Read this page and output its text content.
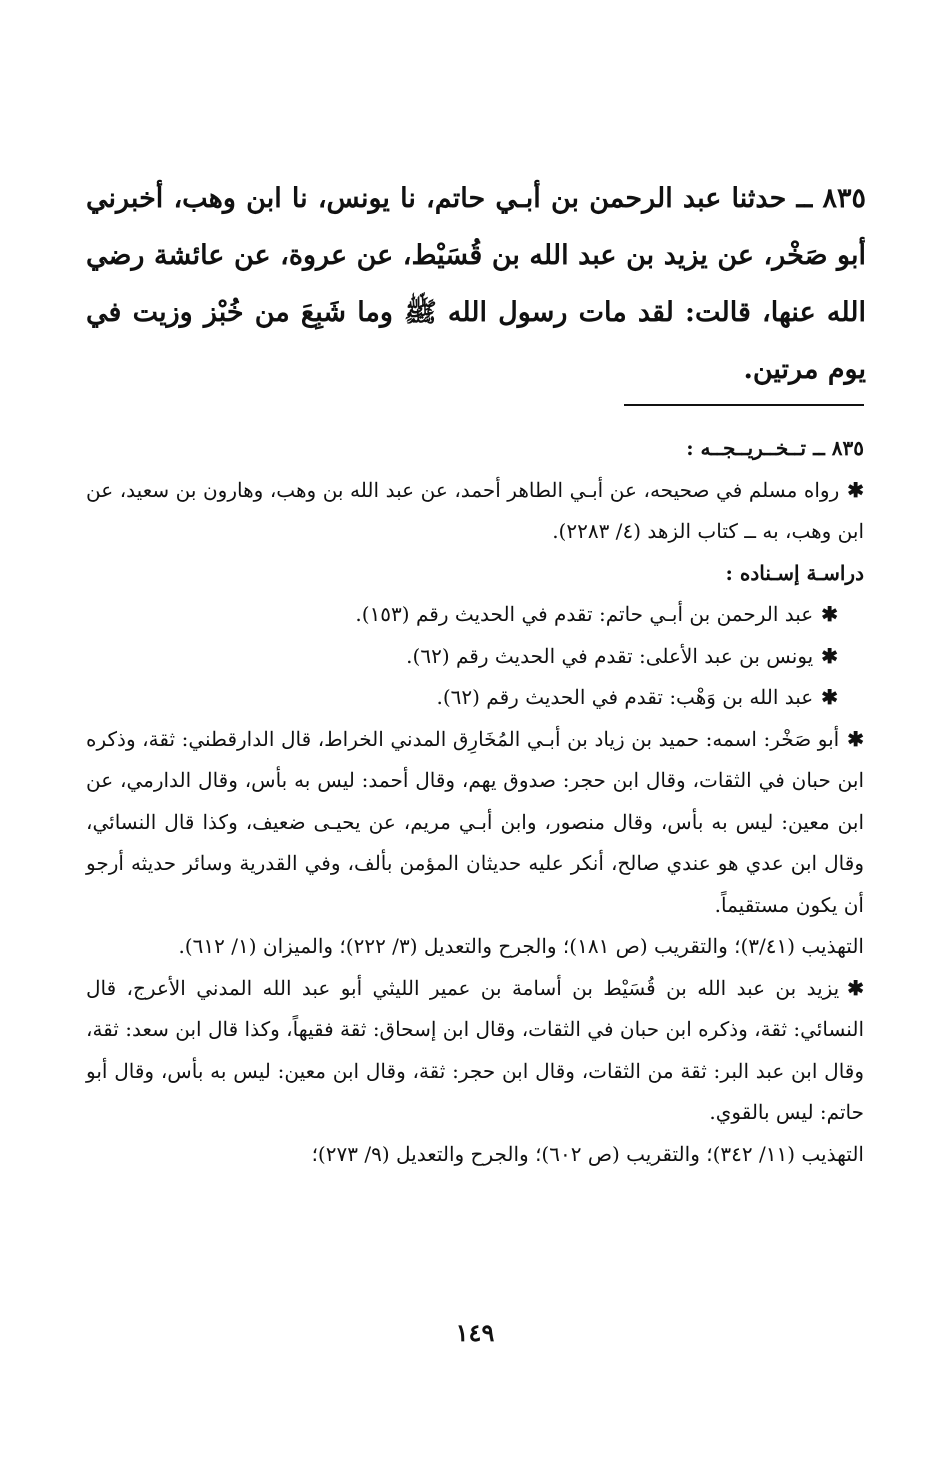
٨٣٥ ــ حدثنا عبد الرحمن بن أبـي حاتم، نا يونس، نا ابن وهب، أخبرني أبو صَخْر، عن يزيد بن عبد الله بن قُسَيْط، عن عروة، عن عائشة رضي الله عنها، قالت: لقد مات رسول الله ﷺ وما شَبِعَ من خُبْز وزيت في يوم مرتين.

٨٣٥ ــ تــخــريــجــه :

✱رواه مسلم في صحيحه، عن أبـي الطاهر أحمد، عن عبد الله بن وهب، وهارون بن سعيد، عن ابن وهب، به ــ كتاب الزهد (٤/ ٢٢٨٣).

دراسـة إسـناده :

✱عبد الرحمن بن أبـي حاتم: تقدم في الحديث رقم (١٥٣).

✱يونس بن عبد الأعلى: تقدم في الحديث رقم (٦٢).

✱عبد الله بن وَهْب: تقدم في الحديث رقم (٦٢).

✱أبو صَخْر: اسمه: حميد بن زياد بن أبـي المُخَارِق المدني الخراط، قال الدارقطني: ثقة، وذكره ابن حبان في الثقات، وقال ابن حجر: صدوق يهم، وقال أحمد: ليس به بأس، وقال الدارمي، عن ابن معين: ليس به بأس، وقال منصور، وابن أبـي مريم، عن يحيـى ضعيف، وكذا قال النسائي، وقال ابن عدي هو عندي صالح، أنكر عليه حديثان المؤمن بألف، وفي القدرية وسائر حديثه أرجو أن يكون مستقيماً.

التهذيب (٣/٤١)؛ والتقريب (ص ١٨١)؛ والجرح والتعديل (٣/ ٢٢٢)؛ والميزان (١/ ٦١٢).

✱يزيد بن عبد الله بن قُسَيْط بن أسامة بن عمير الليثي أبو عبد الله المدني الأعرج، قال النسائي: ثقة، وذكره ابن حبان في الثقات، وقال ابن إسحاق: ثقة فقيهاً، وكذا قال ابن سعد: ثقة، وقال ابن عبد البر: ثقة من الثقات، وقال ابن حجر: ثقة، وقال ابن معين: ليس به بأس، وقال أبو حاتم: ليس بالقوي.

التهذيب (١١/ ٣٤٢)؛ والتقريب (ص ٦٠٢)؛ والجرح والتعديل (٩/ ٢٧٣)؛

١٤٩
